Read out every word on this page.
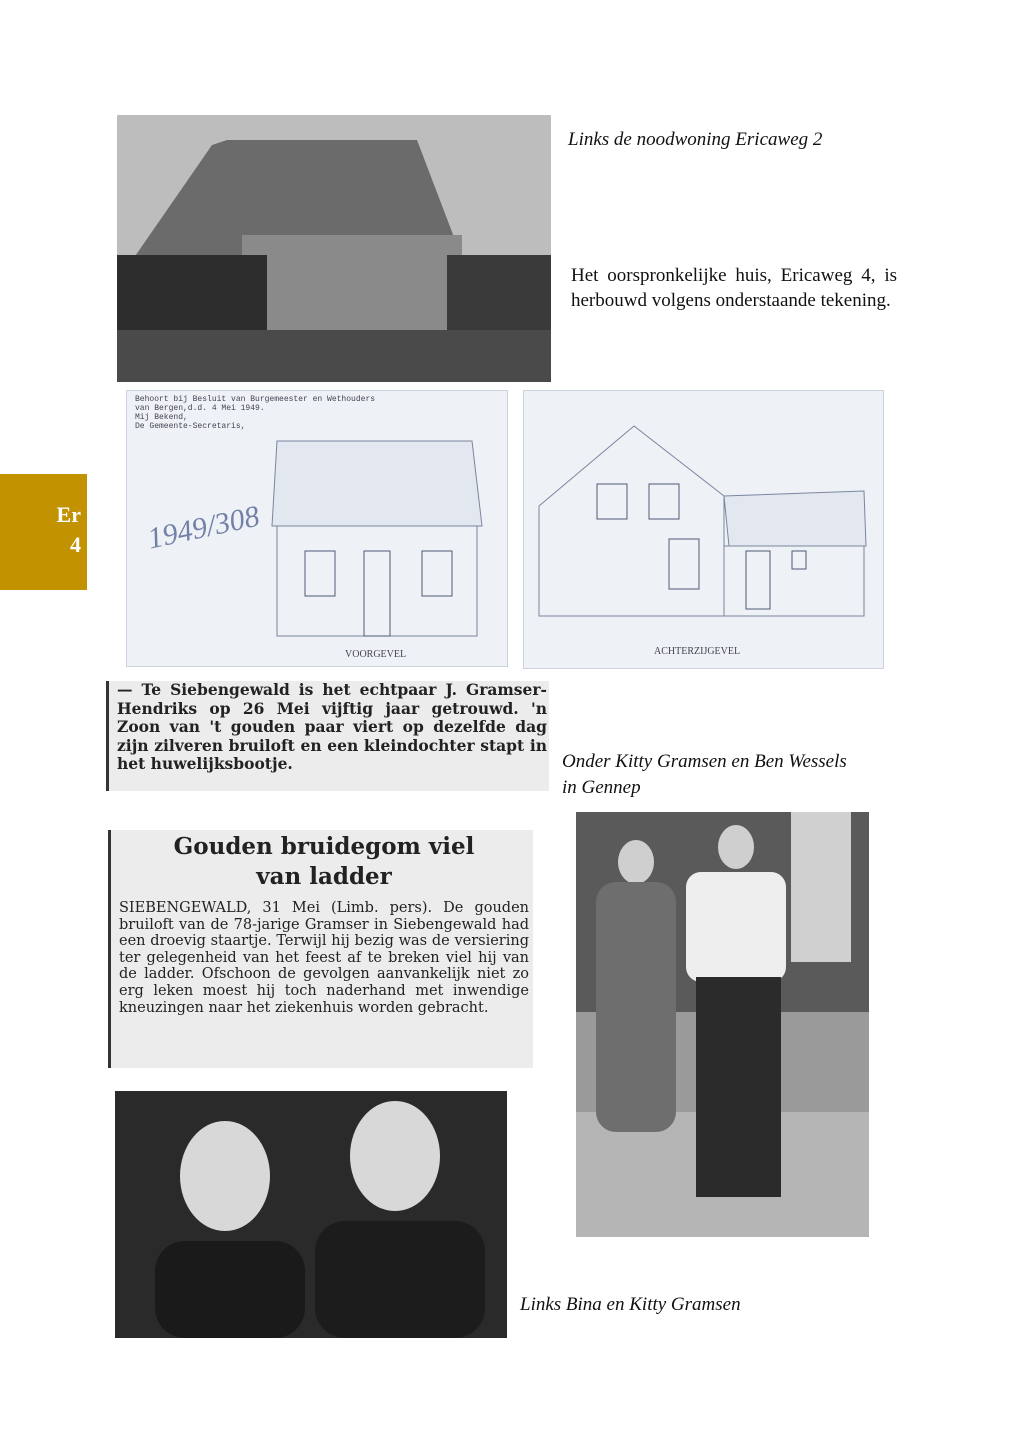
Links de noodwoning Ericaweg 2
Het oorspronkelijke huis, Ericaweg 4, is herbouwd volgens onderstaande tekening.
Behoort bij Besluit van Burgemeester en Wethouders
van Bergen,d.d. 4 Mei 1949.
Mij Bekend,
De Gemeente-Secretaris,
1949/308
VOORGEVEL	ACHTERZIJGEVEL
Er
4
— Te Siebengewald is het echtpaar J. Gramser-Hendriks op 26 Mei vijftig jaar getrouwd. 'n Zoon van 't gouden paar viert op dezelfde dag zijn zilveren bruiloft en een kleindochter stapt in het huwelijksbootje.	Onder Kitty Gramsen en Ben Wessels
in Gennep
Gouden bruidegom viel
van ladder
SIEBENGEWALD, 31 Mei (Limb. pers). De gouden bruiloft van de 78-jarige Gramser in Siebengewald had een droevig staartje. Terwijl hij bezig was de versiering ter gelegenheid van het feest af te breken viel hij van de ladder. Ofschoon de gevolgen aanvankelijk niet zo erg leken moest hij toch naderhand met inwendige kneuzingen naar het ziekenhuis worden gebracht.
Links Bina en Kitty Gramsen
